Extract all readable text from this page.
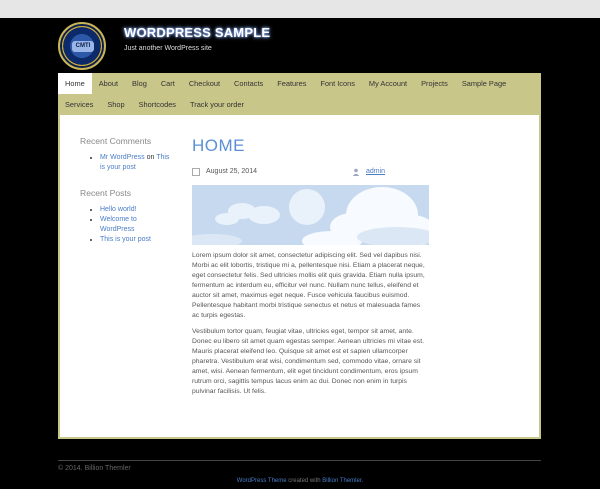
CMTI
WORDPRESS SAMPLE
Just another WordPress site
Home	About	Blog	Cart	Checkout	Contacts	Features	Font Icons	My Account	Projects	Sample Page
Services	Shop	Shortcodes	Track your order
Recent Comments
• Mr WordPress on This is your post
Recent Posts
• Hello world!
• Welcome to WordPress
• This is your post
HOME
August 25, 2014	admin

Lorem ipsum dolor sit amet, consectetur adipiscing elit. Sed vel dapibus nisi. Morbi ac elit lobortis, tristique mi a, pellentesque nisi. Etiam a placerat neque, eget consectetur felis. Sed ultricies mollis elit quis gravida. Etiam nulla ipsum, fermentum ac interdum eu, efficitur vel nunc. Nullam nunc tellus, eleifend et auctor sit amet, maximus eget neque. Fusce vehicula faucibus euismod. Pellentesque habitant morbi tristique senectus et netus et malesuada fames ac turpis egestas.

Vestibulum tortor quam, feugiat vitae, ultricies eget, tempor sit amet, ante. Donec eu libero sit amet quam egestas semper. Aenean ultricies mi vitae est. Mauris placerat eleifend leo. Quisque sit amet est et sapien ullamcorper pharetra. Vestibulum erat wisi, condimentum sed, commodo vitae, ornare sit amet, wisi. Aenean fermentum, elit eget tincidunt condimentum, eros ipsum rutrum orci, sagittis tempus lacus enim ac dui. Donec non enim in turpis pulvinar facilisis. Ut felis.

© 2014. Billion Themler
WordPress Theme created with Billion Themler.
